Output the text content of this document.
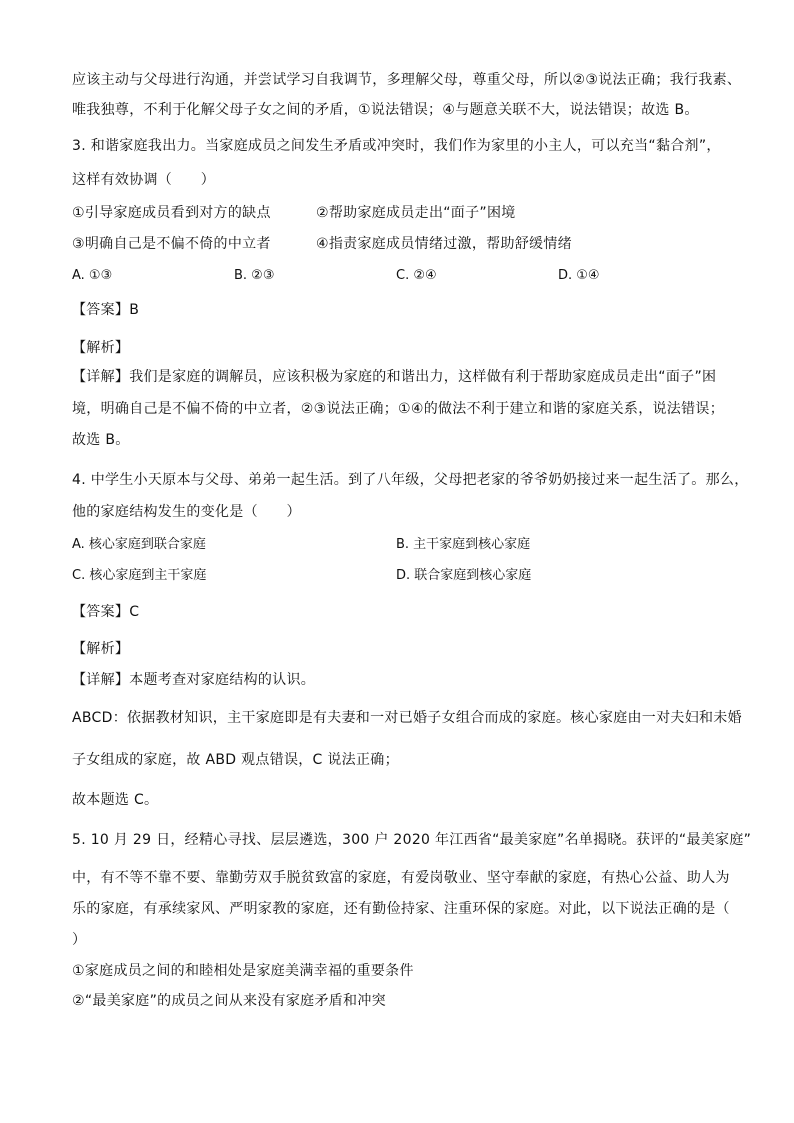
应该主动与父母进行沟通，并尝试学习自我调节，多理解父母，尊重父母，所以②③说法正确；我行我素、
唯我独尊，不利于化解父母子女之间的矛盾，①说法错误；④与题意关联不大，说法错误；故选 B。
3. 和谐家庭我出力。当家庭成员之间发生矛盾或冲突时，我们作为家里的小主人，可以充当“黏合剂”，
这样有效协调（　　）
①引导家庭成员看到对方的缺点	②帮助家庭成员走出“面子”困境
③明确自己是不偏不倚的中立者	④指责家庭成员情绪过激，帮助舒缓情绪
A. ①③	B. ②③	C. ②④	D. ①④
【答案】B
【解析】
【详解】我们是家庭的调解员，应该积极为家庭的和谐出力，这样做有利于帮助家庭成员走出“面子”困
境，明确自己是不偏不倚的中立者，②③说法正确；①④的做法不利于建立和谐的家庭关系，说法错误；
故选 B。
4. 中学生小天原本与父母、弟弟一起生活。到了八年级，父母把老家的爷爷奶奶接过来一起生活了。那么，
他的家庭结构发生的变化是（　　）
A. 核心家庭到联合家庭	B. 主干家庭到核心家庭
C. 核心家庭到主干家庭	D. 联合家庭到核心家庭
【答案】C
【解析】
【详解】本题考查对家庭结构的认识。
ABCD：依据教材知识，主干家庭即是有夫妻和一对已婚子女组合而成的家庭。核心家庭由一对夫妇和未婚
子女组成的家庭，故 ABD 观点错误，C 说法正确；
故本题选 C。
5. 10 月 29 日，经精心寻找、层层遴选，300 户 2020 年江西省“最美家庭”名单揭晓。获评的“最美家庭”
中，有不等不靠不要、靠勤劳双手脱贫致富的家庭，有爱岗敬业、坚守奉献的家庭，有热心公益、助人为
乐的家庭，有承续家风、严明家教的家庭，还有勤俭持家、注重环保的家庭。对此，以下说法正确的是（
）
①家庭成员之间的和睦相处是家庭美满幸福的重要条件
②“最美家庭”的成员之间从来没有家庭矛盾和冲突
